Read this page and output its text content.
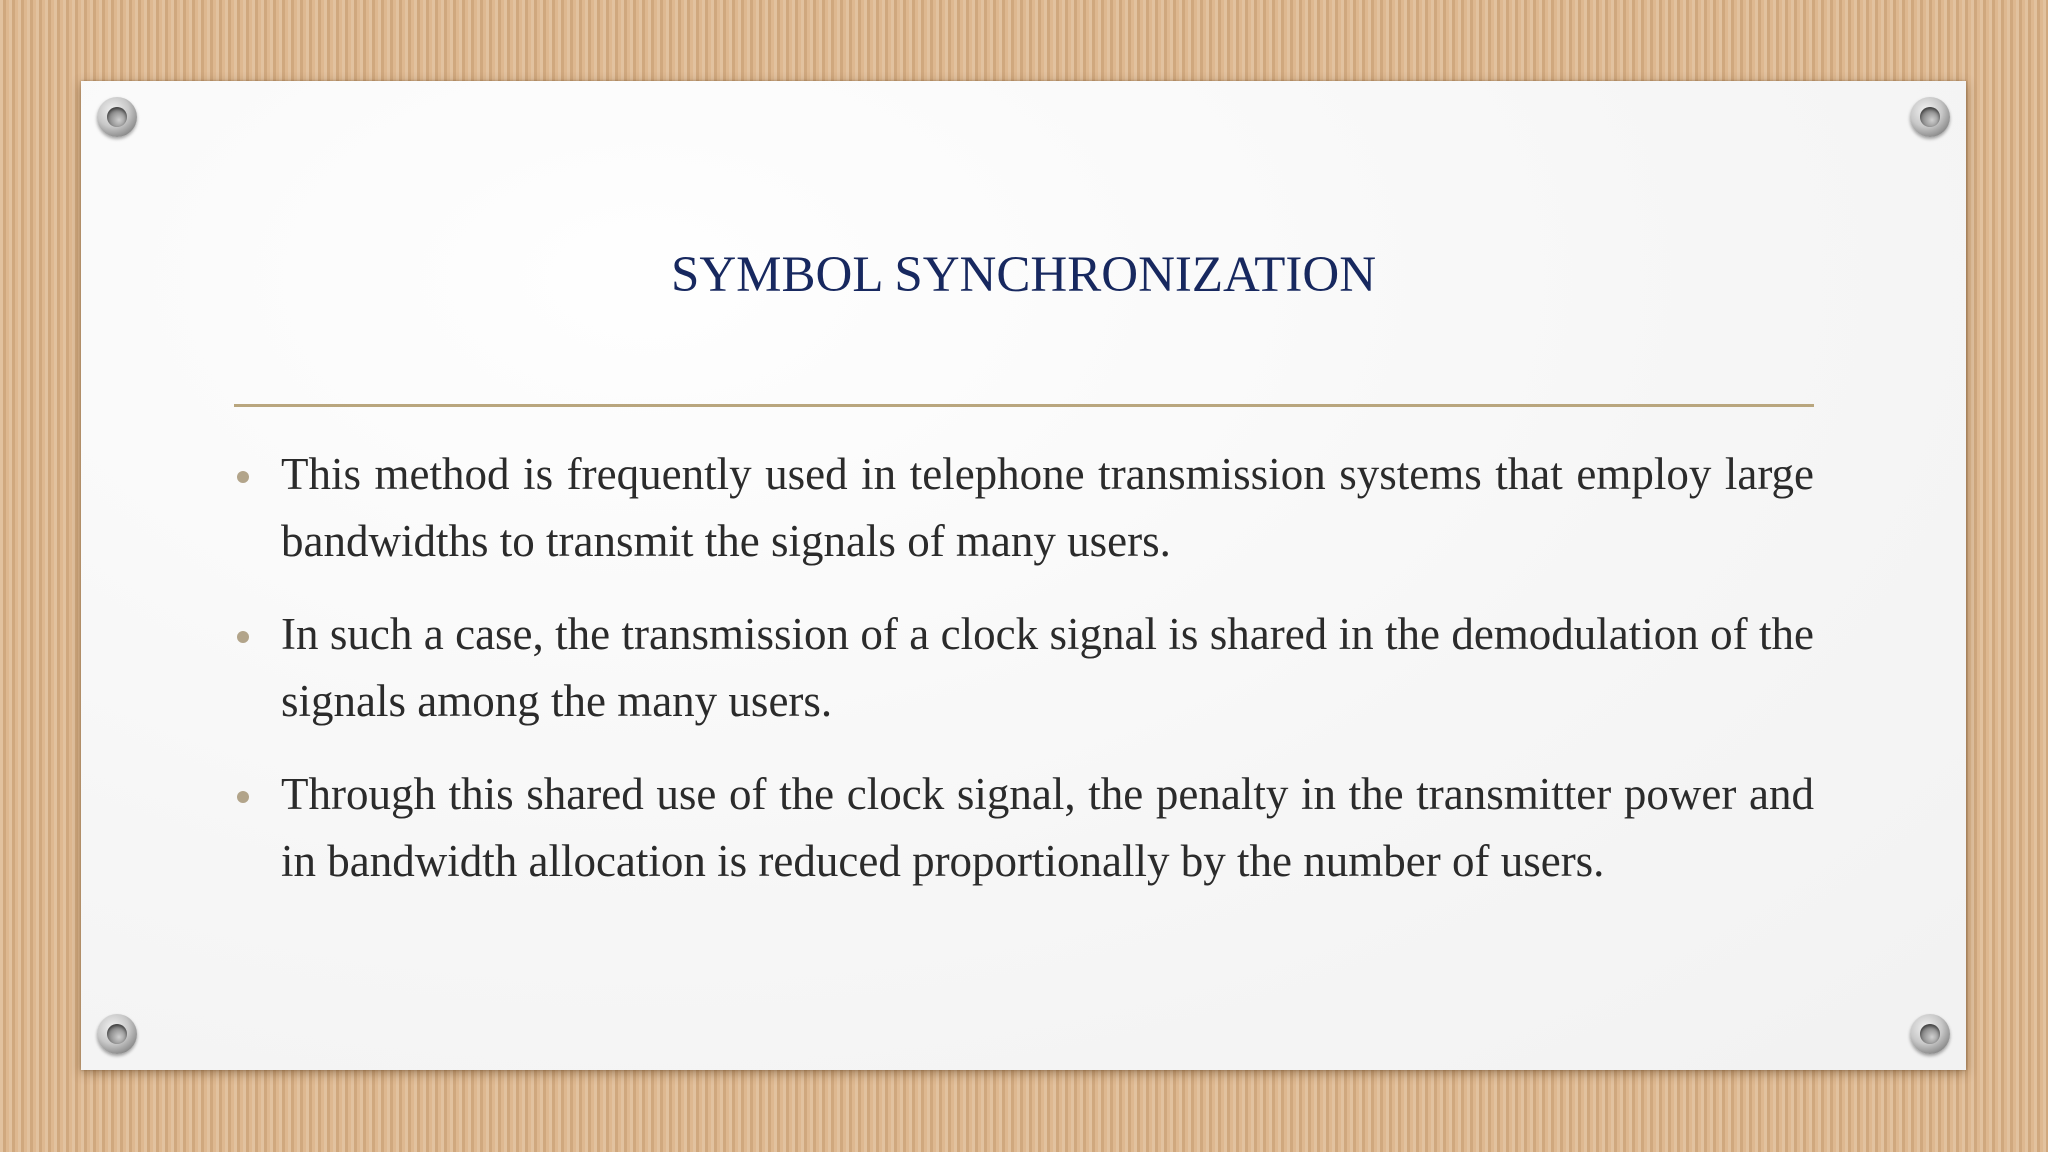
SYMBOL SYNCHRONIZATION
This method is frequently used in telephone transmission systems that employ large bandwidths to transmit the signals of many users.
In such a case, the transmission of a clock signal is shared in the demodulation of the signals among the many users.
Through this shared use of the clock signal, the penalty in the transmitter power and in bandwidth allocation is reduced proportionally by the number of users.
